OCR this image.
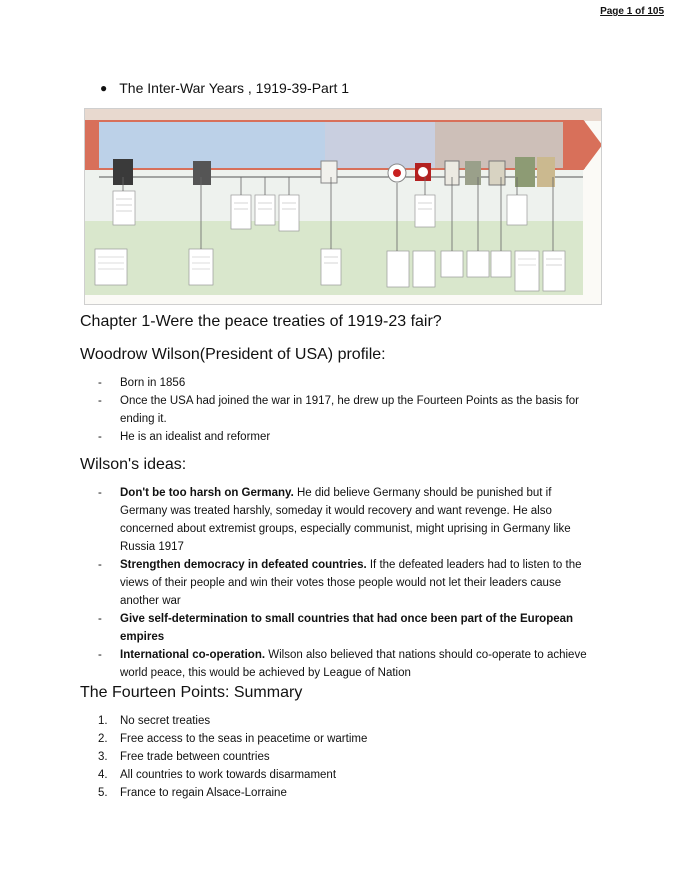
Page 1 of 105
● The Inter-War Years , 1919-39-Part 1
Chapter 1-Were the peace treaties of 1919-23 fair?
Woodrow Wilson(President of USA) profile:
- Born in 1856
- Once the USA had joined the war in 1917, he drew up the Fourteen Points as the basis for ending it.
- He is an idealist and reformer
Wilson's ideas:
- Don't be too harsh on Germany. He did believe Germany should be punished but if Germany was treated harshly, someday it would recovery and want revenge. He also concerned about extremist groups, especially communist, might uprising in Germany like Russia 1917
- Strengthen democracy in defeated countries. If the defeated leaders had to listen to the views of their people and win their votes those people would not let their leaders cause another war
- Give self-determination to small countries that had once been part of the European empires
- International co-operation. Wilson also believed that nations should co-operate to achieve world peace, this would be achieved by League of Nation
The Fourteen Points: Summary
1. No secret treaties
2. Free access to the seas in peacetime or wartime
3. Free trade between countries
4. All countries to work towards disarmament
5. France to regain Alsace-Lorraine
